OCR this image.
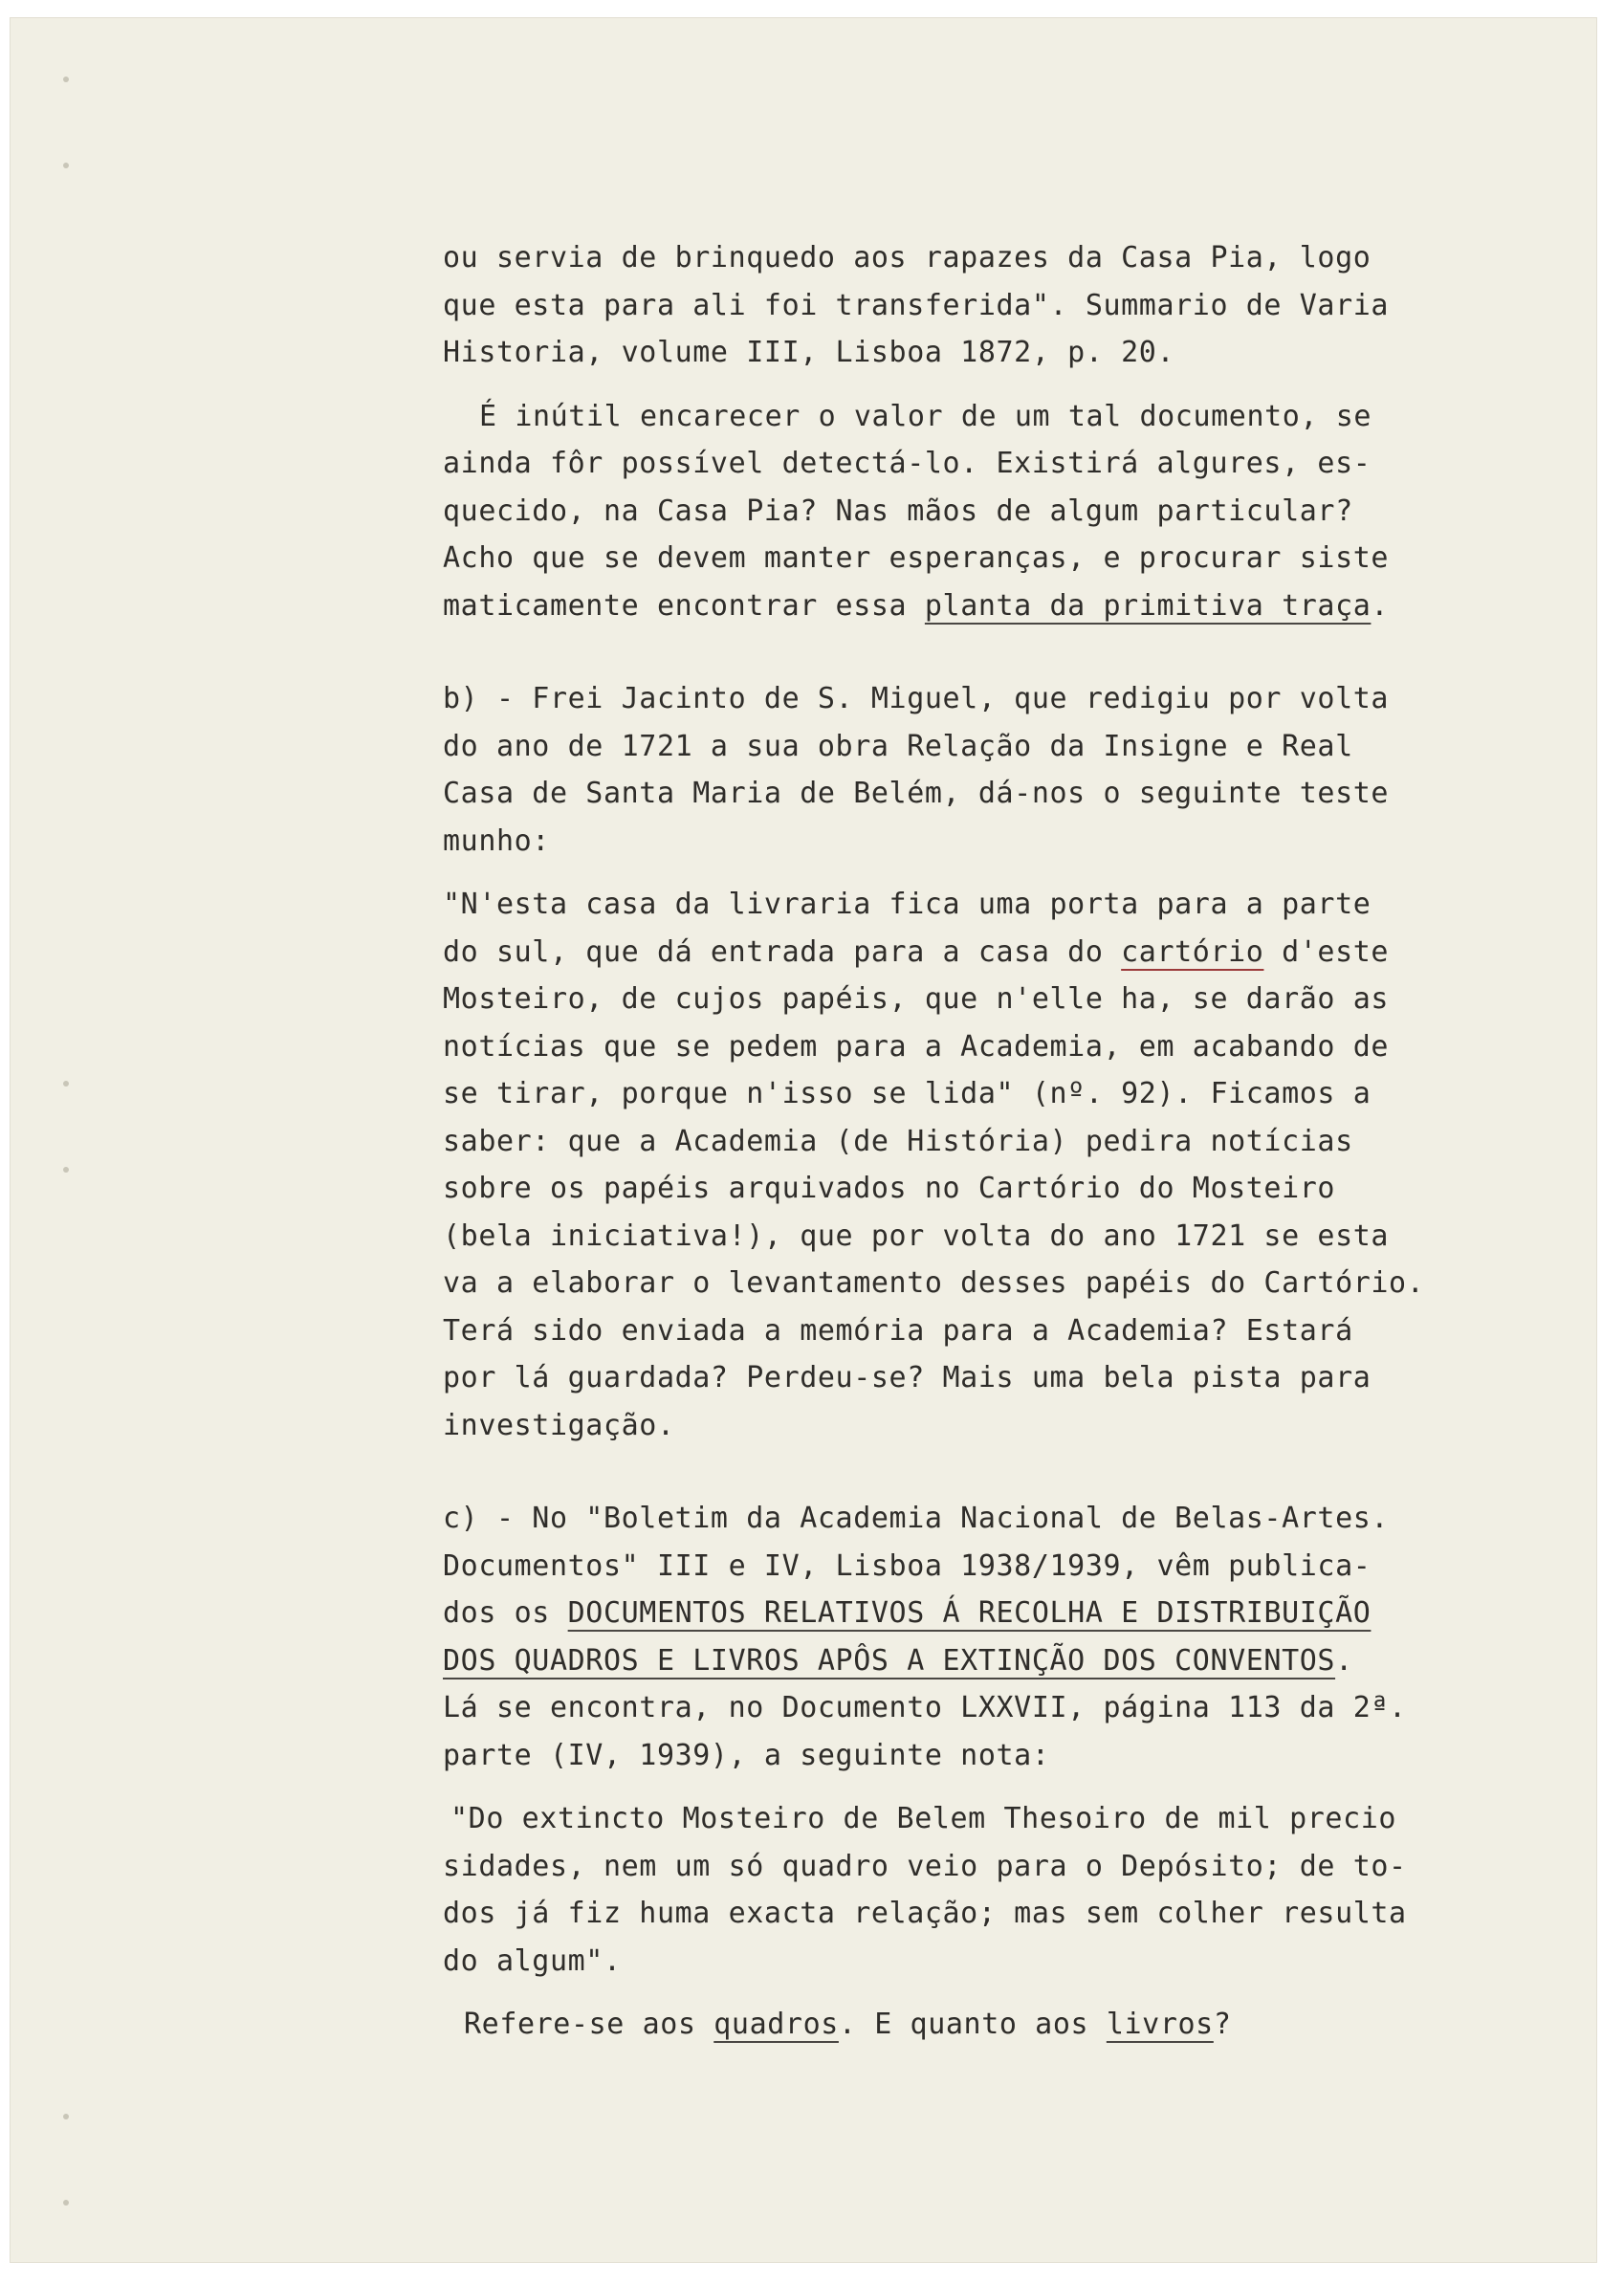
ou servia de brinquedo aos rapazes da Casa Pia, logo
que esta para ali foi transferida". Summario de Varia
Historia, volume III, Lisboa 1872, p. 20.
É inútil encarecer o valor de um tal documento, se
ainda fôr possível detectá-lo. Existirá algures, es-
quecido, na Casa Pia? Nas mãos de algum particular?
Acho que se devem manter esperanças, e procurar siste
maticamente encontrar essa planta da primitiva traça.
b) - Frei Jacinto de S. Miguel, que redigiu por volta
do ano de 1721 a sua obra Relação da Insigne e Real
Casa de Santa Maria de Belém, dá-nos o seguinte teste
munho:
"N'esta casa da livraria fica uma porta para a parte
do sul, que dá entrada para a casa do cartório d'este
Mosteiro, de cujos papéis, que n'elle ha, se darão as
notícias que se pedem para a Academia, em acabando de
se tirar, porque n'isso se lida" (nº. 92). Ficamos a
saber: que a Academia (de História) pedira notícias
sobre os papéis arquivados no Cartório do Mosteiro
(bela iniciativa!), que por volta do ano 1721 se esta
va a elaborar o levantamento desses papéis do Cartório.
Terá sido enviada a memória para a Academia? Estará
por lá guardada? Perdeu-se? Mais uma bela pista para
investigação.
c) - No "Boletim da Academia Nacional de Belas-Artes.
Documentos" III e IV, Lisboa 1938/1939, vêm publica-
dos os DOCUMENTOS RELATIVOS Á RECOLHA E DISTRIBUIÇÃO
DOS QUADROS E LIVROS APÔS A EXTINÇÃO DOS CONVENTOS.
Lá se encontra, no Documento LXXVII, página 113 da 2ª.
parte (IV, 1939), a seguinte nota:
"Do extincto Mosteiro de Belem Thesoiro de mil precio
sidades, nem um só quadro veio para o Depósito; de to-
dos já fiz huma exacta relação; mas sem colher resulta
do algum".
Refere-se aos quadros. E quanto aos livros?
